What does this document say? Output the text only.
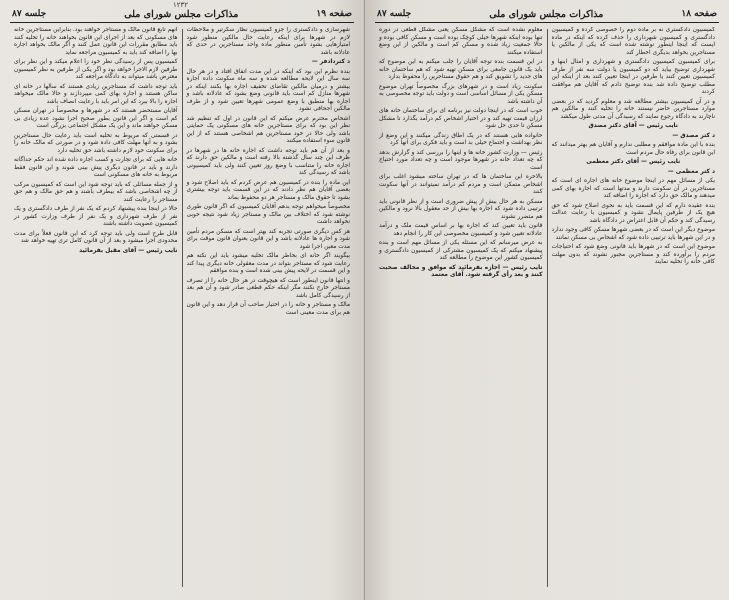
۱۲۳۲
صفحه ۱۹
مذاکرات مجلس شورای ملی
جلسه ۸۷

شهرسازی و دادگستری را جزو کمیسیون نظار سکرتیر و ملاحظات لازم در شهرها برای اینکه رعایت حال مالکین منظور شود امتیازهایی بشود تأمین منظور ماده واحد مستاجرین در حدی که عادلانه باشد

د کتردادفر —

بنده نظرم این بود که اینکه در این مدت اتفاق افتاد و در هر حال سه سال این لایحه مطالعه شده و سه ماه سکونت داده اجاره بیشتر و درمیان مالکین تقاضای تخفیف اجاره بها بکنند اینکه در شهرها منازل کم است باید قانونی وضع بشود که عادلانه باشد و اجاره بها منطبق با وضع عمومی شهرها تعیین شود و از طرف مالکین اجحافی نشود

اشخاص محترم عرض میکنم که این قانون در اول که تنظیم شد نظر این بود که برای مستاجرین خانه های مسکونی یک حمایتی باشد ولی حالا در خود مستاجرین هم اشخاصی هستند که از این قانون سوء استفاده میکنند

و بعد از آن هم باید توجه داشت که اجاره خانه ها در شهرها در ظرف این چند سال گذشته بالا رفته است و مالکین حق دارند که اجاره خانه را متناسب با وضع روز تعیین کنند ولی باید کمیسیونی باشد که رسیدگی کند

این ماده را بنده در کمیسیون هم عرض کردم که باید اصلاح شود و بعضی آقایان هم نظر دادند که در این قسمت باید توجه بیشتری بشود تا حقوق مالک و مستاجر هر دو محفوظ بماند

مخصوصاً میخواهم توجه بدهم آقایان کمیسیون که اگر قانون طوری نوشته شود که اختلاف بین مالک و مستاجر زیاد شود نتیجه خوبی نخواهد داشت

هر کس دیگری صورتی تجربه کند بهتر است که مسکن مردم تأمین شود و اجاره ها عادلانه باشد و این قانون بعنوان قانون موقت برای مدت معین اجرا شود

بیگویند اگر خانه ای بخاطر مالک تخلیه میشود باید این نکته هم رعایت شود که مستاجر بتواند در مدت معقولی خانه دیگری پیدا کند و این قسمت در لایحه پیش بینی شده است و بنده موافقم

و انتها قانون اینطور است که هیچوقت در هر حال خانه را از تصرف مستاجر خارج نکنند مگر اینکه حکم قطعی صادر شود و آن هم بعد از رسیدگی کامل باشد

مالک و مستاجر و خانه را در اختیار صاحب آن قرار دهد و این قانون هم برای مدت معینی است

انهم تابع قانون مالک و مستاجر خواهند بود. بنابراین مستاجرین خانه های مسکونی که بعد از اجرای این قانون بخواهند خانه را تخلیه کنند باید مطابق مقررات این قانون عمل کنند و اگر مالک بخواهد اجاره بها را اضافه کند باید به کمیسیون مراجعه نماید

کمیسیون پس از رسیدگی نظر خود را اعلام میکند و این نظر برای طرفین لازم الاجرا خواهد بود و اگر یکی از طرفین به نظر کمیسیون معترض باشد میتواند به دادگاه مراجعه کند

باید توجه داشت که مستاجرین زیادی هستند که سالها در خانه ای ساکن هستند و اجاره بهای کمی میپردازند و حالا مالک میخواهد اجاره را بالا ببرد که این امر باید با رعایت انصاف باشد

آقایان مستحضر هستند که در شهرها و مخصوصاً در تهران مسکن کم است و اگر این قانون بطور صحیح اجرا نشود عده زیادی بی مسکن خواهند ماند و این یک مشکل اجتماعی بزرگی است

در قسمتی که مربوط به تخلیه است باید رعایت حال مستاجرین بشود و به آنها مهلت کافی داده شود و در صورتی که مالک خانه را برای سکونت خود لازم داشته باشد حق تخلیه دارد

خانه هایی که برای تجارت و کسب اجاره داده شده اند حکم جداگانه دارند و باید در قانون دیگری پیش بینی شوند و این قانون فقط مربوط به خانه های مسکونی است

و از جمله مسائلی که باید توجه شود این است که کمیسیون مرکب از چه اشخاصی باشد که بیطرف باشند و هم حق مالک و هم حق مستاجر را رعایت کنند

حالا در اینجا بنده پیشنهاد کردم که یک نفر از طرف دادگستری و یک نفر از طرف شهرداری و یک نفر از طرف وزارت کشور در کمیسیون عضویت داشته باشند

قابل طرح است ولی باید توجه کرد که این قانون فعلاً برای مدت محدودی اجرا میشود و بعد از آن قانون کامل تری تهیه خواهد شد

نایب رئیس — آقای مقبل بفرمائید

صفحه ۱۸
مذاکرات مجلس شورای ملی
جلسه ۸۷

کمیسیون دادگستری نه بر ماده دوم را خصوصی کرده و کمیسیون دادگستری و کمیسیون شهرداری را حذف کرده که اینکه در ماده ایست که اینجا اینطور نوشته شده است که یکی از مالکین یا مستاجرین بخواهد بدیگری اخطار کند

برای کمیسیون کمیسیون دادگستری و شهرداری و امثال اینها و شهرداری توضیح بیاید که دو کمیسیون یا دولت سه نفر از طرف کمیسیون تعیین کنند یا طرفین در اینجا تعیین کنند بعد از اینکه این مطلب توضیح داده شد بنده توضیح دادم که آقایان هم موافقت کردند

و در آن کمیسیون بیشتر مطالعه شد و معلوم گردید که در بعضی موارد مستاجرین حاضر نیستند خانه را تخلیه کنند و مالکین هم ناچارند به دادگاه رجوع نمایند که رسیدگی آن مدتی طول میکشد

نایب رئیس — آقای دکتر مصدق

د کتر مصدق —

بنده با این ماده موافقم و مطلبی ندارم و آقایان هم بهتر میدانند که این قانون برای رفاه حال مردم است

نایب رئیس — آقای دکتر معظمی

د کتر معظمی —

یکی از مسائل مهم در اینجا موضوع خانه های اجاره ای است که مستاجرین در آن سکونت دارند و مدتها است که اجاره بهای کمی میدهند و مالک حق دارد که اجاره را اضافه کند

بنده عقیده دارم که این قسمت باید به نحوی اصلاح شود که حق هیچ یک از طرفین پایمال نشود و کمیسیون با رعایت عدالت رسیدگی کند و حکم آن قابل اعتراض در دادگاه باشد

موضوع دیگر این است که در بعضی شهرها مسکن کافی وجود ندارد و در این شهرها باید ترتیبی داده شود که اشخاص بی مسکن نمانند

موضوع این است که در شهرها باید قانونی وضع شود که احتیاجات مردم را برآورده کند و مستاجرین مجبور نشوند که بدون مهلت کافی خانه را تخلیه نمایند

معلوم نشده است که مشکل مسکن یعنی مشکل قطعی در دوره تنها بوده اینکه شهرها خیلی کوچک بوده است و مسکن کافی بوده و حالا جمعیت زیاد شده و مسکن کم است و مالکین از این وضع استفاده میکنند

در این قسمت بنده توجه آقایان را جلب میکنم به این موضوع که باید یک قانون جامعی برای مسکن تهیه شود که هم ساختمان خانه های جدید را تشویق کند و هم حقوق مستاجرین را محفوظ بدارد

سکونت زیاد است و در شهرهای بزرگ مخصوصاً تهران موضوع مسکن یکی از مسائل اساسی است و دولت باید توجه مخصوصی به آن داشته باشد

خوب است که در اینجا دولت نیز برنامه ای برای ساختمان خانه های ارزان قیمت تهیه کند و در اختیار اشخاص کم درآمد بگذارد تا مشکل مسکن تا حدی حل شود

خانواده هایی هستند که در یک اطاق زندگی میکنند و این وضع از نظر بهداشت و اجتماع خیلی بد است و باید فکری برای آنها کرد

رئیس — وزارت کشور خانه ها و اینها را بررسی کند و گزارش بدهد که چه تعداد خانه در شهرها موجود است و چه تعداد مورد احتیاج است

بالاخره این ساختمان ها که در تهران ساخته میشود اغلب برای اشخاص متمکن است و مردم کم درآمد نمیتوانند در آنها سکونت کنند

مسکن به هر حال بیش از پیش ضروری است و از نظر قانونی باید ترتیبی داده شود که اجاره بها بیش از حد معقول بالا نرود و مالکین هم متضرر نشوند

قانون باید تعیین کند که اجاره بها بر اساس قیمت ملک و درآمد عادلانه تعیین شود و کمیسیون مخصوصی این کار را انجام دهد

به عرض میرسانم که این مسئله یکی از مسائل مهم است و بنده پیشنهاد میکنم که یک کمیسیون مشترکی از کمیسیون دادگستری و کمیسیون کشور این موضوع را مطالعه کند

نایب رئیس — اجازه بفرمائید که موافق و مخالف صحبت کنند و بعد رأی گرفته شود. آقای معتمد
